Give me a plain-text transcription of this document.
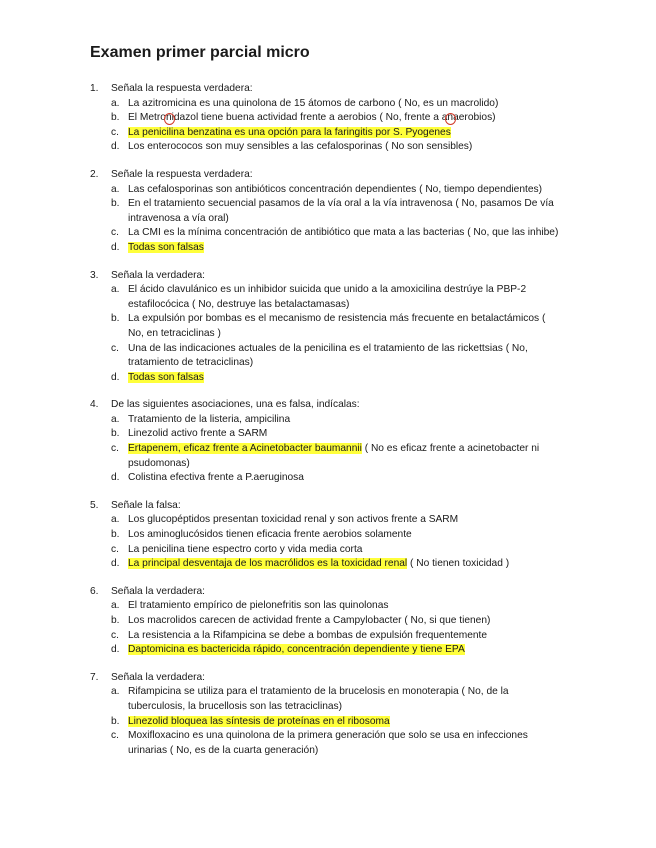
Examen primer parcial micro
1.	Señala la respuesta verdadera:
a. La azitromicina es una quinolona de 15 átomos de carbono ( No, es un macrolido)
b. El Metronidazol tiene buena actividad frente a aerobios ( No, frente a anaerobios)
c. La penicilina benzatina es una opción para la faringitis por S. Pyogenes
d. Los enterococos son muy sensibles a las cefalosporinas ( No son sensibles)
2.	Señale la respuesta verdadera:
a. Las cefalosporinas son antibióticos concentración dependientes ( No, tiempo dependientes)
b. En el tratamiento secuencial pasamos de la vía oral a la vía intravenosa ( No, pasamos De vía intravenosa a vía oral)
c. La CMI es la mínima concentración de antibiótico que mata a las bacterias ( No, que las inhibe)
d. Todas son falsas
3.	Señala la verdadera:
a. El ácido clavulánico es un inhibidor suicida que unido a la amoxicilina destrúye la PBP-2 estafilocócica ( No, destruye las betalactamasas)
b. La expulsión por bombas es el mecanismo de resistencia más frecuente en betalactámicos ( No, en tetraciclinas )
c. Una de las indicaciones actuales de la penicilina es el tratamiento de las rickettsias ( No, tratamiento de tetraciclinas)
d. Todas son falsas
4.	De las siguientes asociaciones, una es falsa, indícalas:
a. Tratamiento de la listeria, ampicilina
b. Linezolid activo frente a SARM
c. Ertapenem, eficaz frente a Acinetobacter baumannii ( No es eficaz frente a acinetobacter ni psudomonas)
d. Colistina efectiva frente a P.aeruginosa
5.	Señale la falsa:
a. Los glucopéptidos presentan toxicidad renal y son activos frente a SARM
b. Los aminoglucósidos tienen eficacia frente aerobios solamente
c. La penicilina tiene espectro corto y vida media corta
d. La principal desventaja de los macrólidos es la toxicidad renal ( No tienen toxicidad )
6.	Señala la verdadera:
a. El tratamiento empírico de pielonefritis son las quinolonas
b. Los macrolidos carecen de actividad frente a Campylobacter ( No, si que tienen)
c. La resistencia a la Rifampicina se debe a bombas de expulsión frequentemente
d. Daptomicina es bactericida rápido, concentración dependiente y tiene EPA
7.	Señala la verdadera:
a. Rifampicina se utiliza para el tratamiento de la brucelosis en monoterapia ( No, de la tuberculosis, la brucellosis son las tetraciclinas)
b. Linezolid bloquea las síntesis de proteínas en el ribosoma
c. Moxifloxacino es una quinolona de la primera generación que solo se usa en infecciones urinarias ( No, es de la cuarta generación)
